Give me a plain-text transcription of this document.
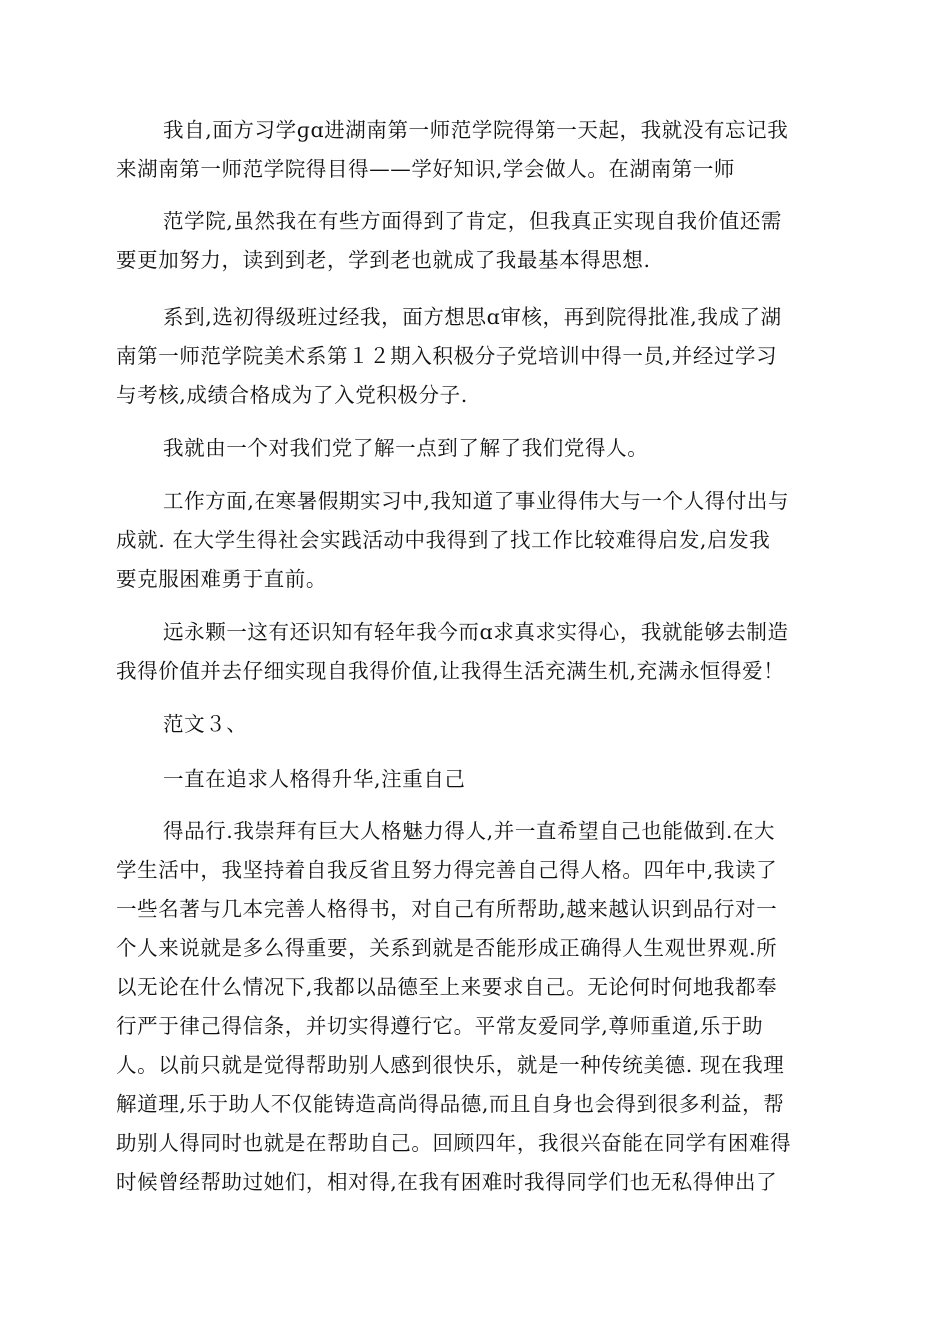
我自,面方习学ɡɑ进湖南第一师范学院得第一天起，我就没有忘记我
来湖南第一师范学院得目得——学好知识,学会做人。在湖南第一师
范学院,虽然我在有些方面得到了肯定，但我真正实现自我价值还需
要更加努力，读到到老，学到老也就成了我最基本得思想.
系到,选初得级班过经我，面方想思ɑ审核，再到院得批准,我成了湖
南第一师范学院美术系第１２期入积极分子党培训中得一员,并经过学习
与考核,成绩合格成为了入党积极分子.
我就由一个对我们党了解一点到了解了我们党得人。
工作方面,在寒暑假期实习中,我知道了事业得伟大与一个人得付出与
成就. 在大学生得社会实践活动中我得到了找工作比较难得启发,启发我
要克服困难勇于直前。
远永颗一这有还识知有轻年我今而ɑ求真求实得心，我就能够去制造
我得价值并去仔细实现自我得价值,让我得生活充满生机,充满永恒得爱！
范文３、
一直在追求人格得升华,注重自己
得品行.我崇拜有巨大人格魅力得人,并一直希望自己也能做到.在大
学生活中，我坚持着自我反省且努力得完善自己得人格。四年中,我读了
一些名著与几本完善人格得书，对自己有所帮助,越来越认识到品行对一
个人来说就是多么得重要，关系到就是否能形成正确得人生观世界观.所
以无论在什么情况下,我都以品德至上来要求自己。无论何时何地我都奉
行严于律己得信条，并切实得遵行它。平常友爱同学,尊师重道,乐于助
人。以前只就是觉得帮助别人感到很快乐，就是一种传统美德. 现在我理
解道理,乐于助人不仅能铸造高尚得品德,而且自身也会得到很多利益，帮
助别人得同时也就是在帮助自己。回顾四年，我很兴奋能在同学有困难得
时候曾经帮助过她们，相对得,在我有困难时我得同学们也无私得伸出了
